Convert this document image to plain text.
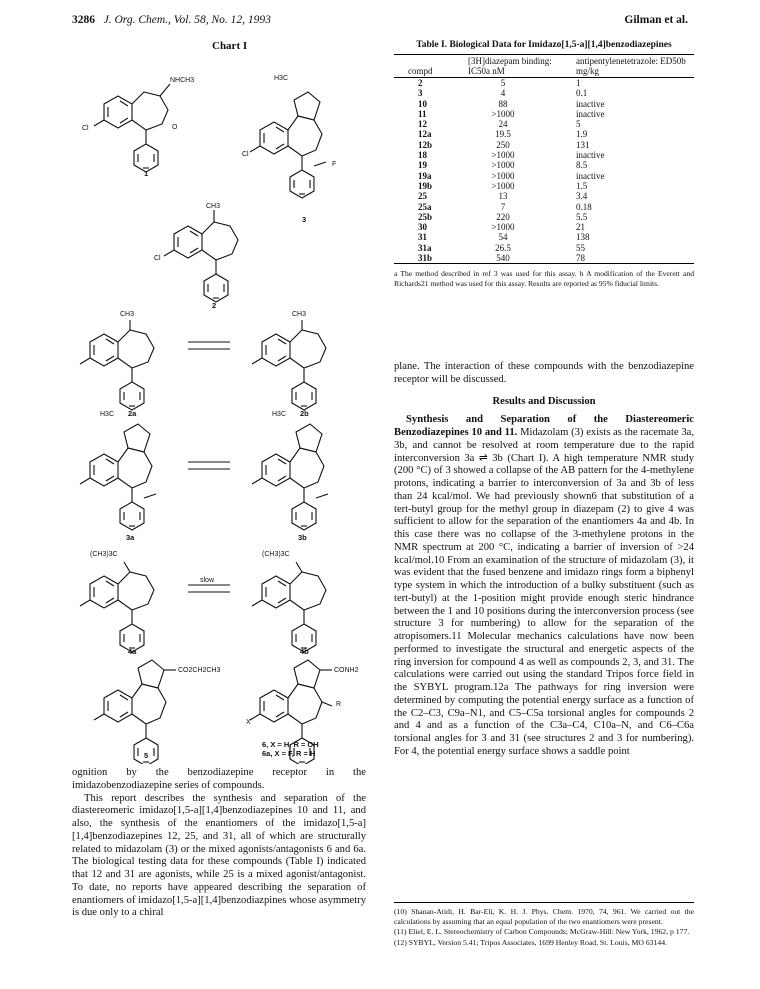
3286 J. Org. Chem., Vol. 58, No. 12, 1993	Gilman et al.
Chart I
NHCH3
O
Cl
1
H3C
Cl
F
3
CH3
Cl
2
CH3
2a
CH3
2b
H3C
3a
H3C
3b
(CH3)3C
4a
slow
(CH3)3C
4b
CO2CH2CH3
5
CONH2
R
X
6, X = H, R = OH
6a, X = F, R = H
Table I. Biological Data for Imidazo[1,5-a][1,4]benzodiazepines
compd	[3H]diazepam binding: IC50a nM	antipentylenetetrazole: ED50b mg/kg
2	5	1
3	4	0.1
10	88	inactive
11	>1000	inactive
12	24	5
12a	19.5	1.9
12b	250	131
18	>1000	inactive
19	>1000	8.5
19a	>1000	inactive
19b	>1000	1.5
25	13	3.4
25a	7	0.18
25b	220	5.5
30	>1000	21
31	54	138
31a	26.5	55
31b	540	78
a The method described in ref 3 was used for this assay. b A modification of the Everett and Richards21 method was used for this assay. Results are reported as 95% fiducial limits.

ognition by the benzodiazepine receptor in the imidazobenzodiazepine series of compounds.

This report describes the synthesis and separation of the diastereomeric imidazo[1,5-a][1,4]benzodiazepines 10 and 11, and also, the synthesis of the enantiomers of the imidazo[1,5-a][1,4]benzodiazepines 12, 25, and 31, all of which are structurally related to midazolam (3) or the mixed agonists/antagonists 6 and 6a. The biological testing data for these compounds (Table I) indicated that 12 and 31 are agonists, while 25 is a mixed agonist/antagonist. To date, no reports have appeared describing the separation of enantiomers of imidazo[1,5-a][1,4]benzodiazpines whose asymmetry is due only to a chiral

plane. The interaction of these compounds with the benzodiazepine receptor will be discussed.

Results and Discussion

Synthesis and Separation of the Diastereomeric Benzodiazepines 10 and 11. Midazolam (3) exists as the racemate 3a, 3b, and cannot be resolved at room temperature due to the rapid interconversion 3a ⇌ 3b (Chart I). A high temperature NMR study (200 °C) of 3 showed a collapse of the AB pattern for the 4-methylene protons, indicating a barrier to interconversion of 3a and 3b of less than 24 kcal/mol. We had previously shown6 that substitution of a tert-butyl group for the methyl group in diazepam (2) to give 4 was sufficient to allow for the separation of the enantiomers 4a and 4b. In this case there was no collapse of the 3-methylene protons in the NMR spectrum at 200 °C, indicating a barrier of inversion of >24 kcal/mol.10 From an examination of the structure of midazolam (3), it was evident that the fused benzene and imidazo rings form a biphenyl type system in which the introduction of a bulky substituent (such as tert-butyl) at the 1-position might provide enough steric hindrance between the 1 and 10 positions during the interconversion process (see structure 3 for numbering) to allow for the separation of the atropisomers.11 Molecular mechanics calculations have now been performed to investigate the structural and energetic aspects of the ring inversion for compound 4 as well as compounds 2, 3, and 31. The calculations were carried out using the standard Tripos force field in the SYBYL program.12a The pathways for ring inversion were determined by computing the potential energy surface as a function of the C2–C3, C9a–N1, and C5–C5a torsional angles for compounds 2 and 4 and as a function of the C3a–C4, C10a–N, and C6–C6a torsional angles for 3 and 31 (see structures 2 and 3 for numbering). For 4, the potential energy surface shows a saddle point

(10) Shanan-Atidi, H. Bar-Eli, K. H. J. Phys. Chem. 1970, 74, 961. We carried out the calculations by assuming that an equal population of the two enantiomers were present.

(11) Eliel, E. L. Stereochemistry of Carbon Compounds; McGraw-Hill: New York, 1962, p 177.

(12) SYBYL, Version 5.41; Tripos Associates, 1699 Henley Road, St. Louis, MO 63144.
